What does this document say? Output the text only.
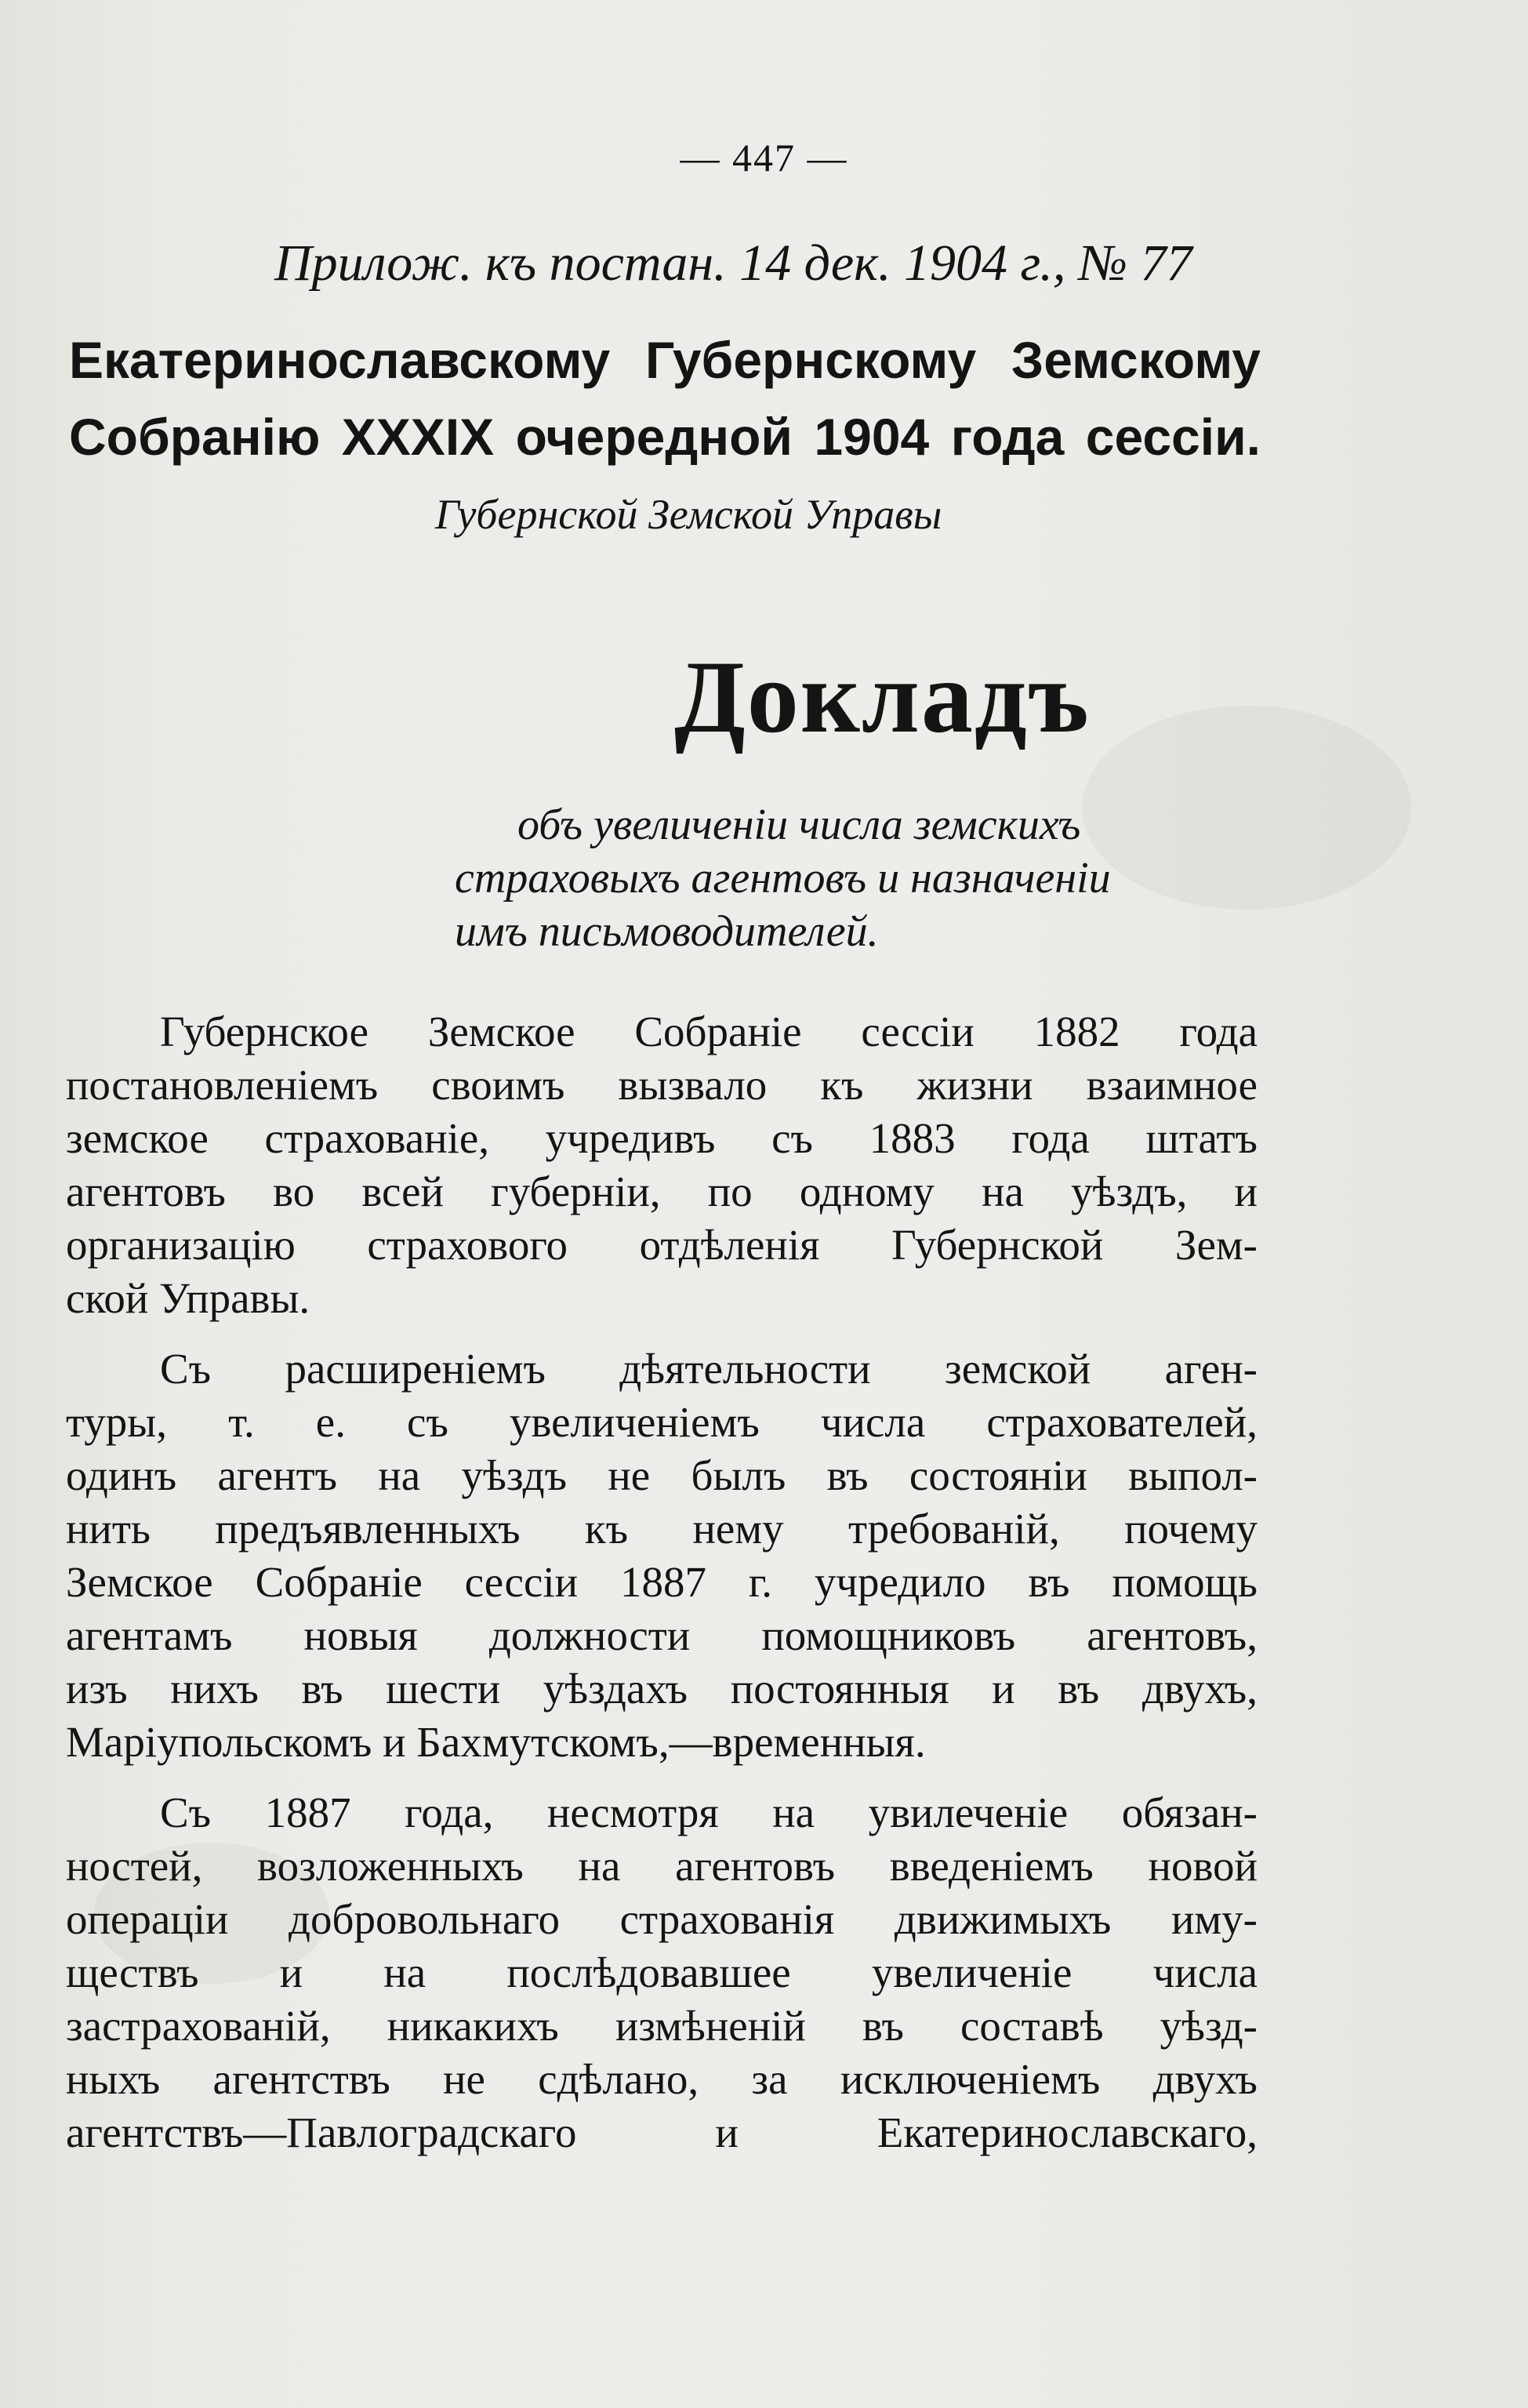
— 447 —
Прилож. къ постан. 14 дек. 1904 г., № 77
Екатеринославскому Губернскому Земскому
Собранію XXXIX очередной 1904 года сессіи.
Губернской Земской Управы
Докладъ
объ увеличеніи числа земскихъ
страховыхъ агентовъ и назначеніи
имъ письмоводителей.
Губернское Земское Собраніе сессіи 1882 года
постановленіемъ своимъ вызвало къ жизни взаимное
земское страхованіе, учредивъ съ 1883 года штатъ
агентовъ во всей губерніи, по одному на уѣздъ, и
организацію страхового отдѣленія Губернской Зем-
ской Управы.
Съ расширеніемъ дѣятельности земской аген-
туры, т. е. съ увеличеніемъ числа страхователей,
одинъ агентъ на уѣздъ не былъ въ состояніи выпол-
нить предъявленныхъ къ нему требованій, почему
Земское Собраніе сессіи 1887 г. учредило въ помощь
агентамъ новыя должности помощниковъ агентовъ,
изъ нихъ въ шести уѣздахъ постоянныя и въ двухъ,
Маріупольскомъ и Бахмутскомъ,—временныя.
Съ 1887 года, несмотря на увилеченіе обязан-
ностей, возложенныхъ на агентовъ введеніемъ новой
операціи добровольнаго страхованія движимыхъ иму-
ществъ и на послѣдовавшее увеличеніе числа
застрахованій, никакихъ измѣненій въ составѣ уѣзд-
ныхъ агентствъ не сдѣлано, за исключеніемъ двухъ
агентствъ—Павлоградскаго и Екатеринославскаго,
